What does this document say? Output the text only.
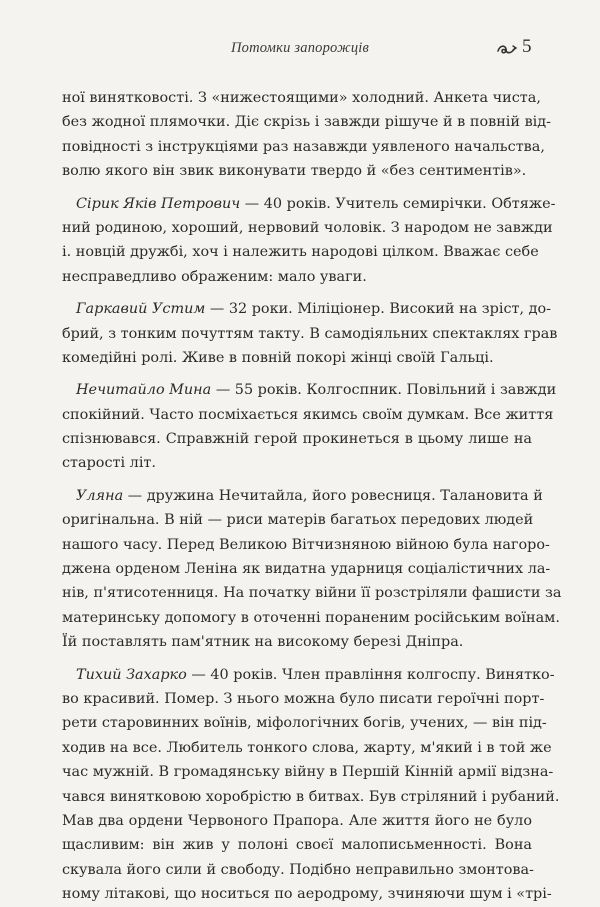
Потомки запорожців	5
ної винятковості. З «нижестоящими» холодний. Анкета чиста,
без жодної плямочки. Діє скрізь і завжди рішуче й в повній від-
повідності з інструкціями раз назавжди уявленого начальства,
волю якого він звик виконувати твердо й «без сентиментів».
Сірик Яків Петрович — 40 років. Учитель семирічки. Обтяже-
ний родиною, хороший, нервовий чоловік. З народом не завжди
і. новцій дружбі, хоч і належить народові цілком. Вважає себе
несправедливо ображеним: мало уваги.
Гаркавий Устим — 32 роки. Міліціонер. Високий на зріст, до-
брий, з тонким почуттям такту. В самодіяльних спектаклях грав
комедійні ролі. Живе в повній покорі жінці своїй Гальці.
Нечитайло Мина — 55 років. Колгоспник. Повільний і завжди
спокійний. Часто посміхається якимсь своїм думкам. Все життя
спізнювався. Справжній герой прокинеться в цьому лише на
старості літ.
Уляна — дружина Нечитайла, його ровесниця. Талановита й
оригінальна. В ній — риси матерів багатьох передових людей
нашого часу. Перед Великою Вітчизняною війною була нагоро-
джена орденом Леніна як видатна ударниця соціалістичних ла-
нів, п'ятисотенниця. На початку війни її розстріляли фашисти за
материнську допомогу в оточенні пораненим російським воїнам.
Їй поставлять пам'ятник на високому березі Дніпра.
Тихий Захарко — 40 років. Член правління колгоспу. Винятко-
во красивий. Помер. З нього можна було писати героїчні порт-
рети старовинних воїнів, міфологічних богів, учених, — він під-
ходив на все. Любитель тонкого слова, жарту, м'який і в той же
час мужній. В громадянську війну в Першій Кінній армії відзна-
чався винятковою хоробрістю в битвах. Був стріляний і рубаний.
Мав два ордени Червоного Прапора. Але життя його не було
щасливим: він жив у полоні своєї малописьменності. Вона
скувала його сили й свободу. Подібно неправильно змонтова-
ному літакові, що носиться по аеродрому, зчиняючи шум і «трі-
